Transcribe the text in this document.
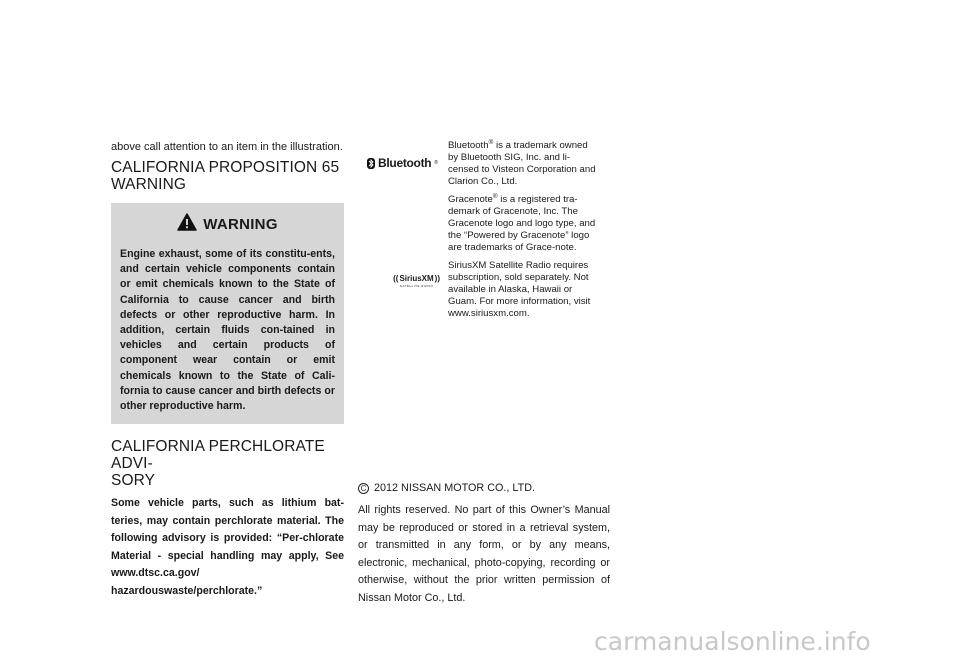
above call attention to an item in the illustration.

CALIFORNIA PROPOSITION 65
WARNING
WARNING

Engine exhaust, some of its constitu-ents, and certain vehicle components contain or emit chemicals known to the State of California to cause cancer and birth defects or other reproductive harm. In addition, certain fluids con-tained in vehicles and certain products of component wear contain or emit chemicals known to the State of Cali-fornia to cause cancer and birth defects or other reproductive harm.

CALIFORNIA PERCHLORATE ADVI-
SORY

Some vehicle parts, such as lithium bat-teries, may contain perchlorate material. The following advisory is provided: “Per-chlorate Material - special handling may apply, See www.dtsc.ca.gov/
hazardouswaste/perchlorate.”

Bluetooth ®

Bluetooth® is a trademark owned by Bluetooth SIG, Inc. and li-censed to Visteon Corporation and Clarion Co., Ltd.

Gracenote® is a registered tra-demark of Gracenote, Inc. The Gracenote logo and logo type, and the “Powered by Gracenote” logo are trademarks of Grace-note.

(( SiriusXM ))
SATELLITE RADIO

SiriusXM Satellite Radio requires subscription, sold separately. Not available in Alaska, Hawaii or Guam. For more information, visit www.siriusxm.com.

C 2012 NISSAN MOTOR CO., LTD.

All rights reserved. No part of this Owner’s Manual may be reproduced or stored in a retrieval system, or transmitted in any form, or by any means, electronic, mechanical, photo-copying, recording or otherwise, without the prior written permission of Nissan Motor Co., Ltd.

carmanualsonline.info
